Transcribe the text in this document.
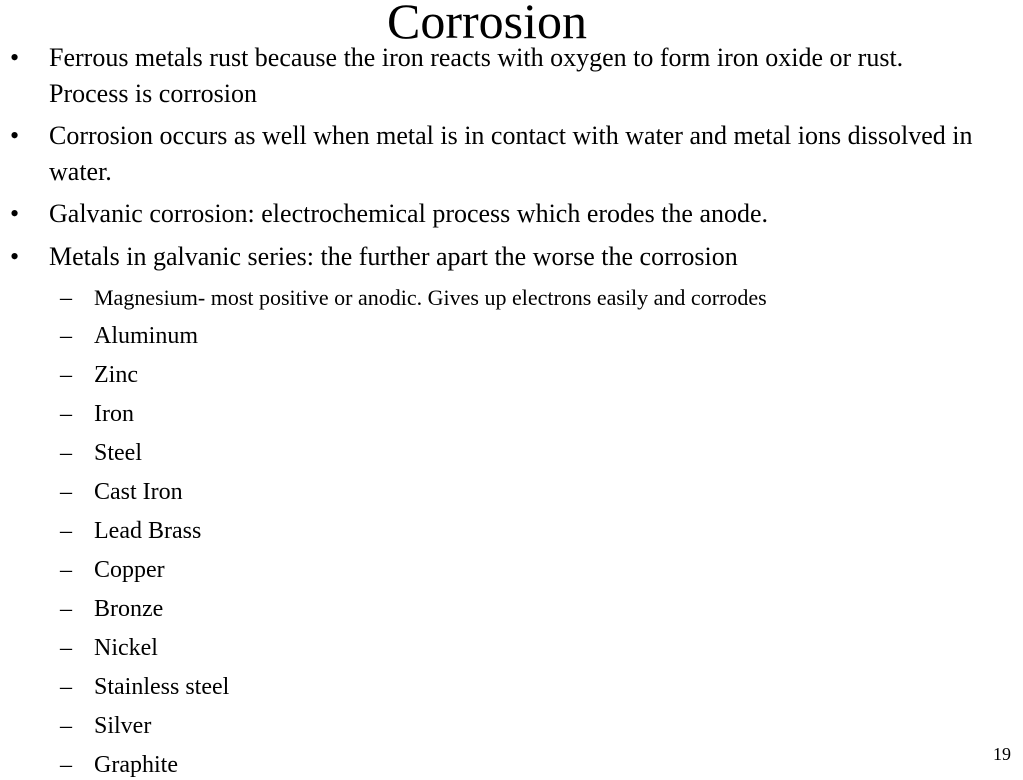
Corrosion
• Ferrous metals rust because the iron reacts with oxygen to form iron oxide or rust. Process is corrosion
• Corrosion occurs as well when metal is in contact with water and metal ions dissolved in water.
• Galvanic corrosion: electrochemical process which erodes the anode.
• Metals in galvanic series: the further apart the worse the corrosion
– Magnesium- most positive or anodic. Gives up electrons easily and corrodes
– Aluminum
– Zinc
– Iron
– Steel
– Cast Iron
– Lead Brass
– Copper
– Bronze
– Nickel
– Stainless steel
– Silver
– Graphite	19
